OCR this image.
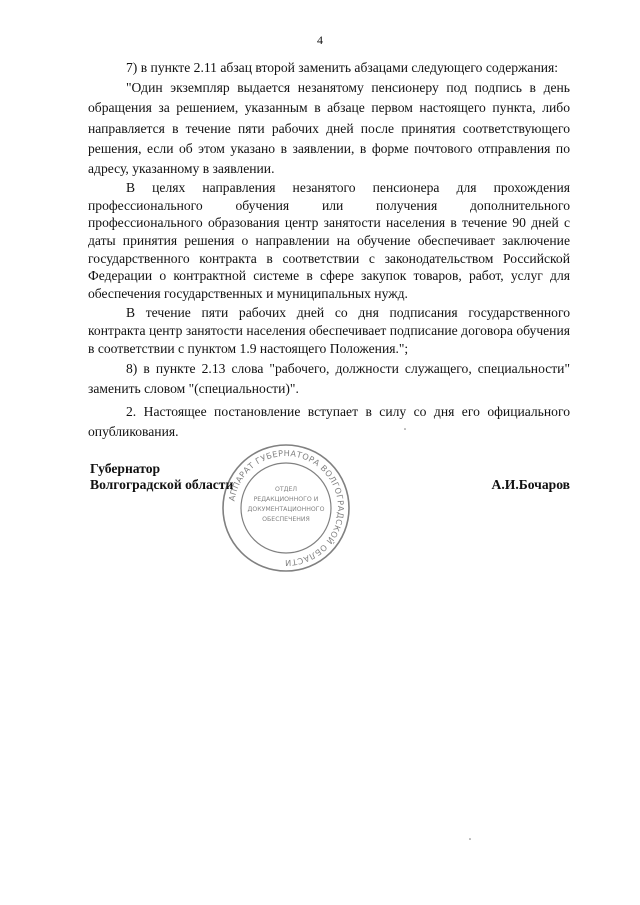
4

7) в пункте 2.11 абзац второй заменить абзацами следующего содержания:

"Один экземпляр выдается незанятому пенсионеру под подпись в день обращения за решением, указанным в абзаце первом настоящего пункта, либо направляется в течение пяти рабочих дней после принятия соответствующего решения, если об этом указано в заявлении, в форме почтового отправления по адресу, указанному в заявлении.

В целях направления незанятого пенсионера для прохождения профессионального обучения или получения дополнительного профессионального образования центр занятости населения в течение 90 дней с даты принятия решения о направлении на обучение обеспечивает заключение государственного контракта в соответствии с законодательством Российской Федерации о контрактной системе в сфере закупок товаров, работ, услуг для обеспечения государственных и муниципальных нужд.

В течение пяти рабочих дней со дня подписания государственного контракта центр занятости населения обеспечивает подписание договора обучения в соответствии с пунктом 1.9 настоящего Положения.";

8) в пункте 2.13 слова "рабочего, должности служащего, специальности" заменить словом "(специальности)".

2. Настоящее постановление вступает в силу со дня его официального опубликования.

Губернатор
Волгоградской области	А.И.Бочаров
АППАРАТ ГУБЕРНАТОРА ВОЛГОГРАДСКОЙ ОБЛАСТИ
ОТДЕЛ
РЕДАКЦИОННОГО И
ДОКУМЕНТАЦИОННОГО
ОБЕСПЕЧЕНИЯ
